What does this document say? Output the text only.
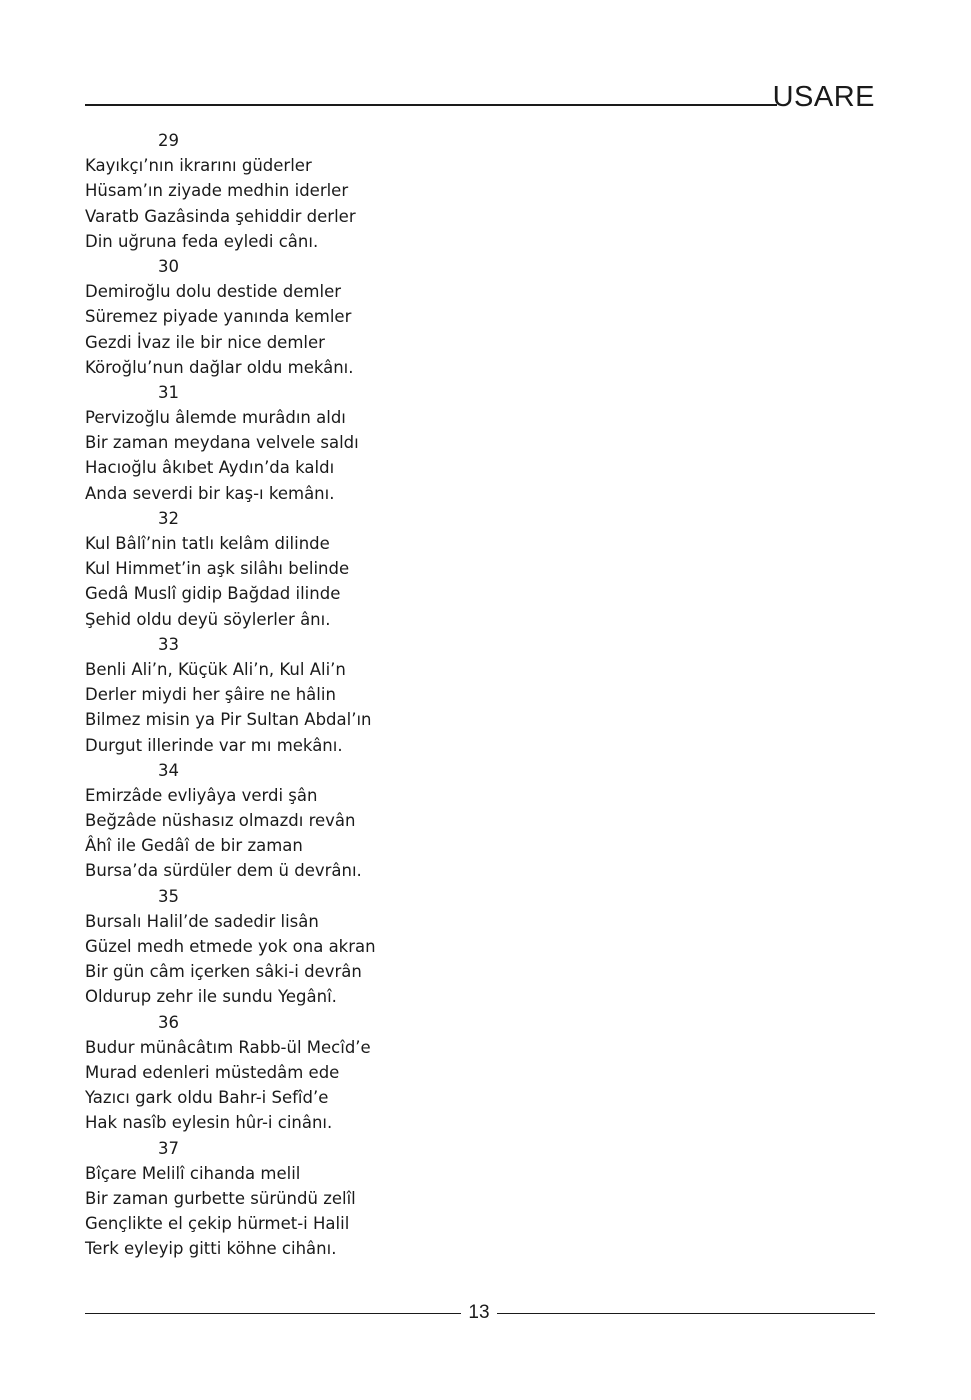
USARE
29
Kayıkçı’nın ikrarını güderler
Hüsam’ın ziyade medhin iderler
Varatb Gazâsinda şehiddir derler
Din uğruna feda eyledi cânı.
30
Demiroğlu dolu destide demler
Süremez piyade yanında kemler
Gezdi İvaz ile bir nice demler
Köroğlu’nun dağlar oldu mekânı.
31
Pervizoğlu âlemde murâdın aldı
Bir zaman meydana velvele saldı
Hacıoğlu âkıbet Aydın’da kaldı
Anda severdi bir kaş-ı kemânı.
32
Kul Bâlî’nin tatlı kelâm dilinde
Kul Himmet’in aşk silâhı belinde
Gedâ Muslî gidip Bağdad ilinde
Şehid oldu deyü söylerler ânı.
33
Benli Ali’n, Küçük Ali’n, Kul Ali’n
Derler miydi her şâire ne hâlin
Bilmez misin ya Pir Sultan Abdal’ın
Durgut illerinde var mı mekânı.
34
Emirzâde evliyâya verdi şân
Beğzâde nüshasız olmazdı revân
Âhî ile Gedâî de bir zaman
Bursa’da sürdüler dem ü devrânı.
35
Bursalı Halil’de sadedir lisân
Güzel medh etmede yok ona akran
Bir gün câm içerken sâki-i devrân
Oldurup zehr ile sundu Yegânî.
36
Budur münâcâtım Rabb-ül Mecîd’e
Murad edenleri müstedâm ede
Yazıcı gark oldu Bahr-i Sefîd’e
Hak nasîb eylesin hûr-i cinânı.
37
Bîçare Melilî cihanda melil
Bir zaman gurbette süründü zelîl
Gençlikte el çekip hürmet-i Halil
Terk eyleyip gitti köhne cihânı.
13
